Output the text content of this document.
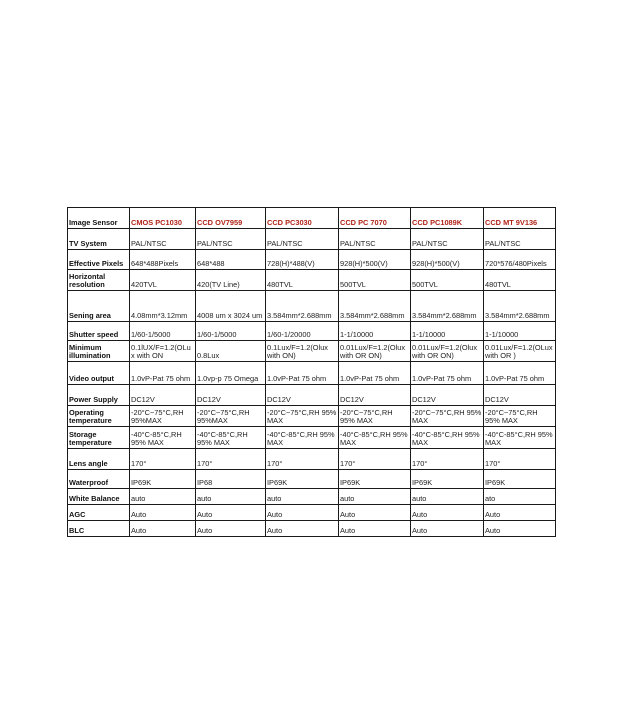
Image Sensor	CMOS PC1030	CCD OV7959	CCD PC3030	CCD PC 7070	CCD PC1089K	CCD MT 9V136
TV System	PAL/NTSC	PAL/NTSC	PAL/NTSC	PAL/NTSC	PAL/NTSC	PAL/NTSC
Effective Pixels	648*488Pixels	648*488	728(H)*488(V)	928(H)*500(V)	928(H)*500(V)	720*576/480Pixels
Horizontal resolution	420TVL	420(TV Line)	480TVL	500TVL	500TVL	480TVL
Sening area	4.08mm*3.12mm	4008 um x 3024 um	3.584mm*2.688mm	3.584mm*2.688mm	3.584mm*2.688mm	3.584mm*2.688mm
Shutter speed	1/60-1/5000	1/60-1/5000	1/60-1/20000	1-1/10000	1-1/10000	1-1/10000
Minimum illumination	0.1lUX/F=1.2(OLux with ON	0.8Lux	0.1Lux/F=1.2(Olux with ON)	0.01Lux/F=1.2(Olux with OR ON)	0.01Lux/F=1.2(Olux with OR ON)	0.01Lux/F=1.2(OLux with OR )
Video output	1.0vP-Pat 75 ohm	1.0vp-p 75 Omega	1.0vP-Pat 75 ohm	1.0vP-Pat 75 ohm	1.0vP-Pat 75 ohm	1.0vP-Pat 75 ohm
Power Supply	DC12V	DC12V	DC12V	DC12V	DC12V	DC12V
Operating temperature	-20°C~75°C,RH 95%MAX	-20°C~75°C,RH 95%MAX	-20°C~75°C,RH 95% MAX	-20°C~75°C,RH 95% MAX	-20°C~75°C,RH 95% MAX	-20°C~75°C,RH 95% MAX
Storage temperature	-40°C-85°C,RH 95% MAX	-40°C-85°C,RH 95% MAX	-40°C-85°C,RH 95% MAX	-40°C-85°C,RH 95% MAX	-40°C-85°C,RH 95% MAX	-40°C-85°C,RH 95% MAX
Lens angle	170°	170°	170°	170°	170°	170°
Waterproof	IP69K	IP68	IP69K	IP69K	IP69K	IP69K
White Balance	auto	auto	auto	auto	auto	ato
AGC	Auto	Auto	Auto	Auto	Auto	Auto
BLC	Auto	Auto	Auto	Auto	Auto	Auto
